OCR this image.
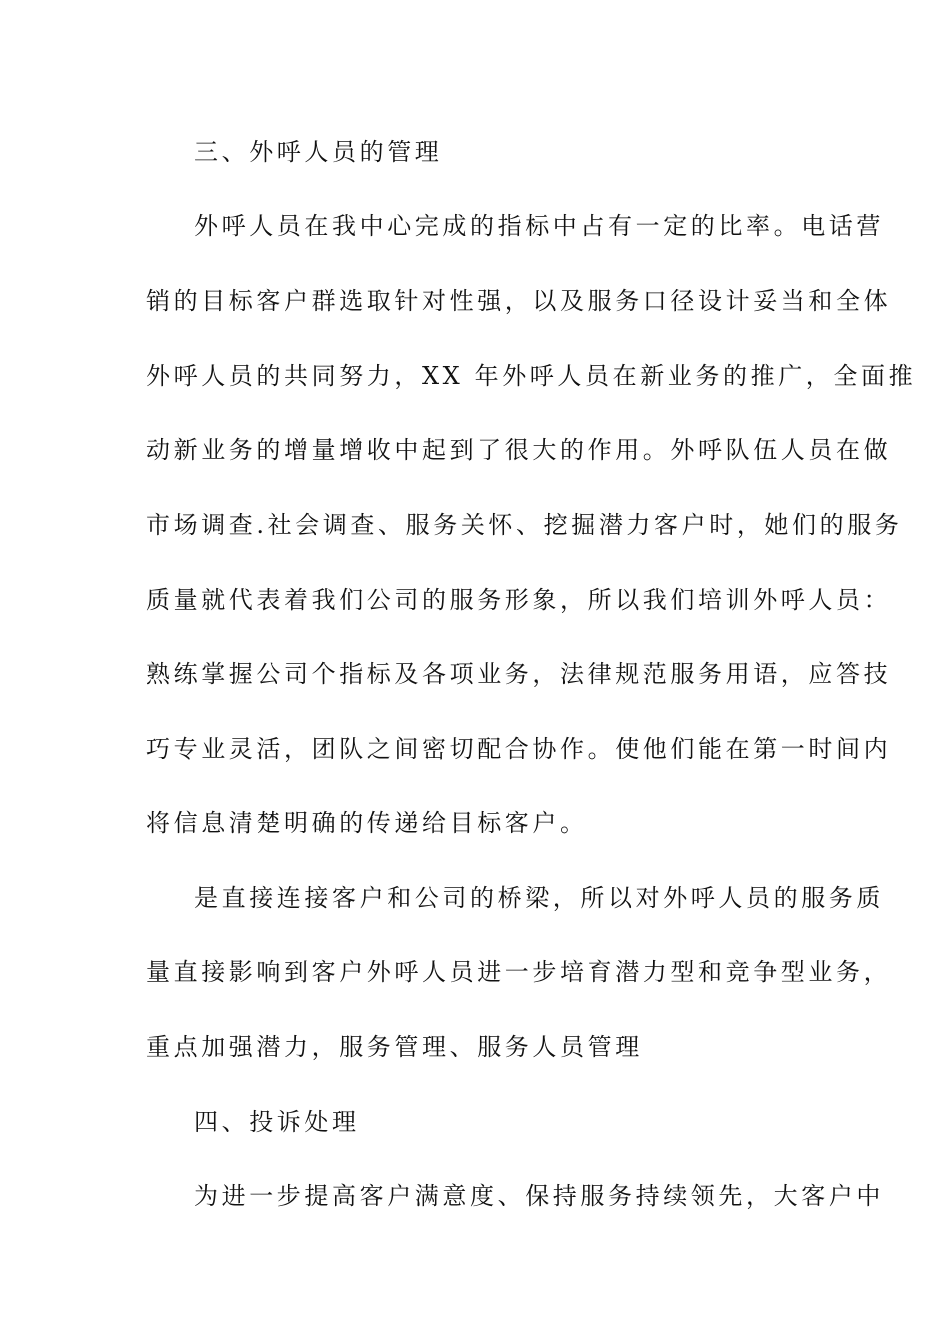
三、外呼人员的管理

外呼人员在我中心完成的指标中占有一定的比率。电话营

销的目标客户群选取针对性强，以及服务口径设计妥当和全体

外呼人员的共同努力，XX 年外呼人员在新业务的推广，全面推

动新业务的增量增收中起到了很大的作用。外呼队伍人员在做

市场调查.社会调查、服务关怀、挖掘潜力客户时，她们的服务

质量就代表着我们公司的服务形象，所以我们培训外呼人员：

熟练掌握公司个指标及各项业务，法律规范服务用语，应答技

巧专业灵活，团队之间密切配合协作。使他们能在第一时间内

将信息清楚明确的传递给目标客户。

是直接连接客户和公司的桥梁，所以对外呼人员的服务质

量直接影响到客户外呼人员进一步培育潜力型和竞争型业务，

重点加强潜力，服务管理、服务人员管理

四、投诉处理

为进一步提高客户满意度、保持服务持续领先，大客户中
